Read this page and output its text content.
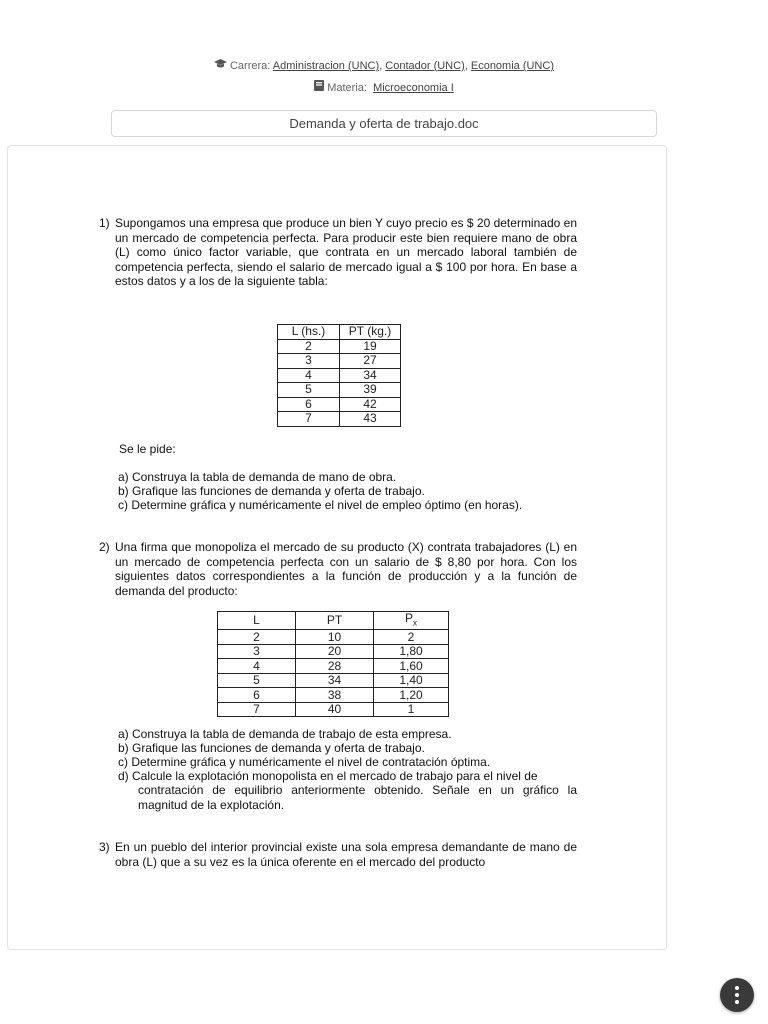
Carrera: Administracion (UNC), Contador (UNC), Economia (UNC)
Materia: Microeconomia I
Demanda y oferta de trabajo.doc
1) Supongamos una empresa que produce un bien Y cuyo precio es $ 20 determinado en un mercado de competencia perfecta. Para producir este bien requiere mano de obra (L) como único factor variable, que contrata en un mercado laboral también de competencia perfecta, siendo el salario de mercado igual a $ 100 por hora. En base a estos datos y a los de la siguiente tabla:
L (hs.)	PT (kg.)
2	19
3	27
4	34
5	39
6	42
7	43
Se le pide:
a) Construya la tabla de demanda de mano de obra.
b) Grafique las funciones de demanda y oferta de trabajo.
c) Determine gráfica y numéricamente el nivel de empleo óptimo (en horas).
2) Una firma que monopoliza el mercado de su producto (X) contrata trabajadores (L) en un mercado de competencia perfecta con un salario de $ 8,80 por hora. Con los siguientes datos correspondientes a la función de producción y a la función de demanda del producto:
L	PT	$P_x$
2	10	2
3	20	1,80
4	28	1,60
5	34	1,40
6	38	1,20
7	40	1
a) Construya la tabla de demanda de trabajo de esta empresa.
b) Grafique las funciones de demanda y oferta de trabajo.
c) Determine gráfica y numéricamente el nivel de contratación óptima.
d) Calcule la explotación monopolista en el mercado de trabajo para el nivel de
contratación de equilibrio anteriormente obtenido. Señale en un gráfico la magnitud de la explotación.
3) En un pueblo del interior provincial existe una sola empresa demandante de mano de obra (L) que a su vez es la única oferente en el mercado del producto
